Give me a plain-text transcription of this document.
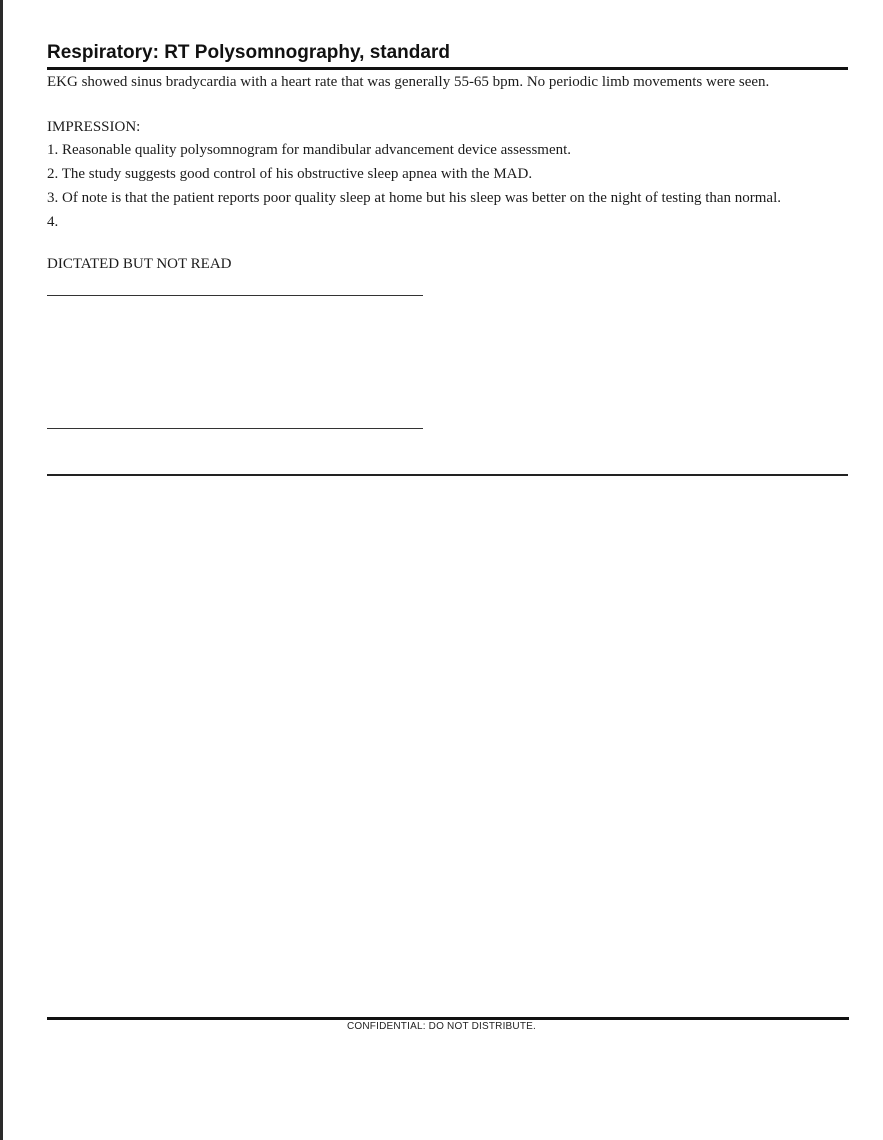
Respiratory: RT Polysomnography, standard
EKG showed sinus bradycardia with a heart rate that was generally 55-65 bpm. No periodic limb movements were seen.
IMPRESSION:
1. Reasonable quality polysomnogram for mandibular advancement device assessment.
2. The study suggests good control of his obstructive sleep apnea with the MAD.
3. Of note is that the patient reports poor quality sleep at home but his sleep was better on the night of testing than normal.
4.
DICTATED BUT NOT READ
CONFIDENTIAL: DO NOT DISTRIBUTE.
